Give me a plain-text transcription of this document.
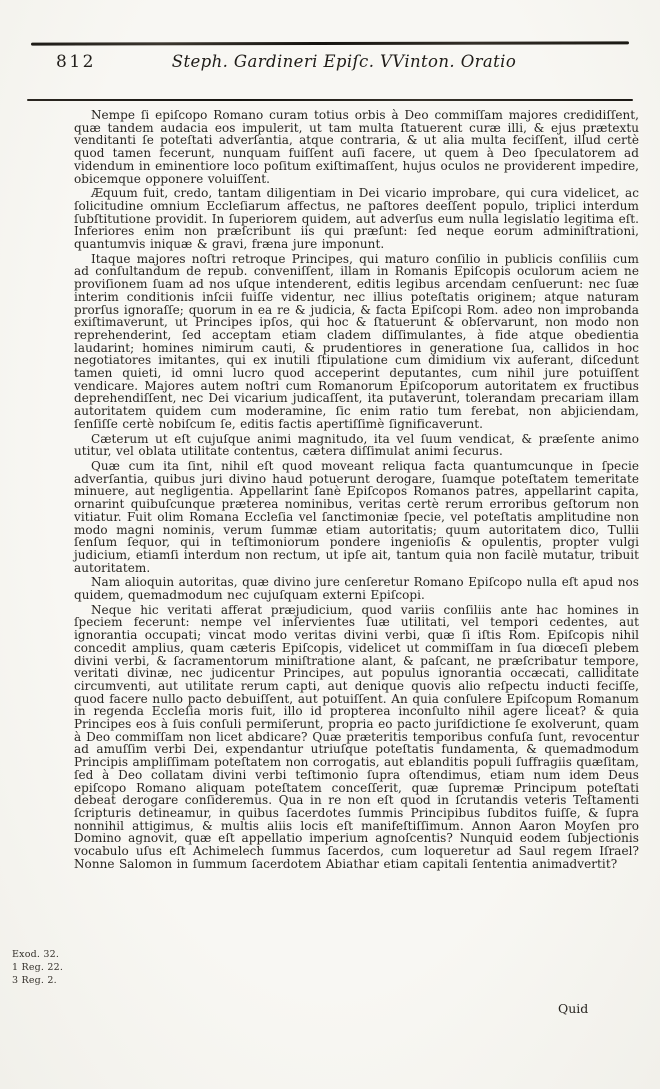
812	Steph. Gardineri Epiſc. VVinton. Oratio

Nempe ſi epiſcopo Romano curam totius orbis à Deo commiſſam majores credidiſſent, quæ tandem audacia eos impulerit, ut tam multa ſtatuerent curæ illi, & ejus prætextu venditanti ſe poteſtati adverſantia, atque contraria, & ut alia multa feciſſent, illud certè quod tamen fecerunt, nunquam fuiſſent auſi facere, ut quem à Deo ſpeculatorem ad videndum in eminentiore loco poſitum exiſtimaſſent, hujus oculos ne providerent impedire, obicemque opponere voluiſſent.

Æquum fuit, credo, tantam diligentiam in Dei vicario improbare, qui cura videlicet, ac ſolicitudine omnium Eccleſiarum affectus, ne paſtores deeſſent populo, triplici interdum ſubſtitutione providit. In ſuperiorem quidem, aut adverſus eum nulla legislatio legitima eſt. Inferiores enim non præſcribunt iis qui præſunt: ſed neque eorum adminiſtrationi, quantumvis iniquæ & gravi, fræna jure imponunt.

Itaque majores noſtri retroque Principes, qui maturo conſilio in publicis conſiliis cum ad conſultandum de repub. conveniſſent, illam in Romanis Epiſcopis oculorum aciem ne proviſionem ſuam ad nos uſque intenderent, editis legibus arcendam cenſuerunt: nec ſuæ interim conditionis inſcii fuiſſe videntur, nec illius poteſtatis originem; atque naturam prorſus ignoraſſe; quorum in ea re & judicia, & facta Epiſcopi Rom. adeo non improbanda exiſtimaverunt, ut Principes ipſos, qui hoc & ſtatuerunt & obſervarunt, non modo non reprehenderint, ſed acceptam etiam cladem diſſimulantes, à fide atque obedientia laudarint; homines nimirum cauti, & prudentiores in generatione ſua, callidos in hoc negotiatores imitantes, qui ex inutili ſtipulatione cum dimidium vix auferant, diſcedunt tamen quieti, id omni lucro quod acceperint deputantes, cum nihil jure potuiſſent vendicare. Majores autem noſtri cum Romanorum Epiſcoporum autoritatem ex fructibus deprehendiſſent, nec Dei vicarium judicaſſent, ita putaverunt, tolerandam precariam illam autoritatem quidem cum moderamine, ſic enim ratio tum ferebat, non abjiciendam, ſenſiſſe certè nobiſcum ſe, editis factis apertiſſimè ſignificaverunt.

Cæterum ut eſt cujuſque animi magnitudo, ita vel ſuum vendicat, & præſente animo utitur, vel oblata utilitate contentus, cætera diſſimulat animi ſecurus.

Quæ cum ita ſint, nihil eſt quod moveant reliqua facta quantumcunque in ſpecie adverſantia, quibus juri divino haud potuerunt derogare, ſuamque poteſtatem temeritate minuere, aut negligentia. Appellarint ſanè Epiſcopos Romanos patres, appellarint capita, ornarint quibuſcunque præterea nominibus, veritas certè rerum erroribus geſtorum non vitiatur. Fuit olim Romana Eccleſia vel ſanctimoniæ ſpecie, vel poteſtatis amplitudine non modo magni nominis, verum ſummæ etiam autoritatis; quum autoritatem dico, Tullii ſenſum ſequor, qui in teſtimoniorum pondere ingenioſis & opulentis, propter vulgi judicium, etiamſi interdum non rectum, ut ipſe ait, tantum quia non facilè mutatur, tribuit autoritatem.

Nam alioquin autoritas, quæ divino jure cenſeretur Romano Epiſcopo nulla eſt apud nos quidem, quemadmodum nec cujuſquam externi Epiſcopi.

Neque hic veritati afferat præjudicium, quod variis conſiliis ante hac homines in ſpeciem fecerunt: nempe vel inſervientes ſuæ utilitati, vel tempori cedentes, aut ignorantia occupati; vincat modo veritas divini verbi, quæ ſi iſtis Rom. Epiſcopis nihil concedit amplius, quam cæteris Epiſcopis, videlicet ut commiſſam in ſua diœceſi plebem divini verbi, & ſacramentorum miniſtratione alant, & paſcant, ne præſcribatur tempore, veritati divinæ, nec judicentur Principes, aut populus ignorantia occæcati, calliditate circumventi, aut utilitate rerum capti, aut denique quovis alio reſpectu inducti feciſſe, quod facere nullo pacto debuiſſent, aut potuiſſent. An quia conſulere Epiſcopum Romanum in regenda Eccleſia moris fuit, illo id propterea inconſulto nihil agere liceat? & quia Principes eos à ſuis conſuli permiſerunt, propria eo pacto juriſdictione ſe exolverunt, quam à Deo commiſſam non licet abdicare? Quæ præteritis temporibus confuſa ſunt, revocentur ad amuſſim verbi Dei, expendantur utriuſque poteſtatis fundamenta, & quemadmodum Principis ampliſſimam poteſtatem non corrogatis, aut eblanditis populi ſuffragiis quæſitam, ſed à Deo collatam divini verbi teſtimonio ſupra oſtendimus, etiam num idem Deus epiſcopo Romano aliquam poteſtatem conceſſerit, quæ ſupremæ Principum poteſtati debeat derogare conſideremus. Qua in re non eſt quod in ſcrutandis veteris Teſtamenti ſcripturis detineamur, in quibus ſacerdotes ſummis Principibus ſubditos fuiſſe, & ſupra nonnihil attigimus, & multis aliis locis eſt manifeſtiſſimum. Annon Aaron Moyſen pro Domino agnovit, quæ eſt appellatio imperium agnoſcentis? Nunquid eodem ſubjectionis vocabulo uſus eſt Achimelech ſummus ſacerdos, cum loqueretur ad Saul regem Iſrael? Nonne Salomon in ſummum ſacerdotem Abiathar etiam capitali ſententia animadvertit?

Exod. 32.
1 Reg. 22.
3 Reg. 2.
Quid
